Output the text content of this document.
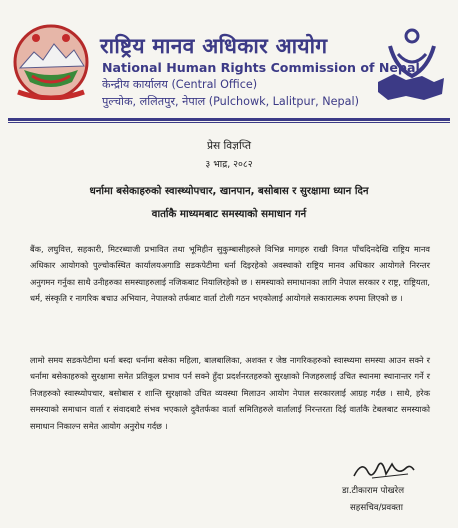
राष्ट्रिय मानव अधिकार आयोग
National Human Rights Commission of Nepal
केन्द्रीय कार्यालय (Central Office)
पुल्चोक, ललितपुर, नेपाल (Pulchowk, Lalitpur, Nepal)
प्रेस विज्ञप्ति
३ भाद्र, २०८२
धर्नामा बसेकाहरुको स्वास्थ्योपचार, खानपान, बसोबास र सुरक्षामा ध्यान दिन
वार्ताकै माध्यमबाट समस्याको समाधान गर्न
बैंक, लघुवित्त, सहकारी, मिटरब्याजी प्रभावित तथा भूमिहीन सुकुम्बासीहरुले विभिन्न मागहरु राखी विगत पाँचदिनदेखि राष्ट्रिय मानव अधिकार आयोगको पुल्चोकस्थित कार्यालयअगाडि सडकपेटीमा धर्ना दिइरहेको अवस्थाको राष्ट्रिय मानव अधिकार आयोगले निरन्तर अनुगमन गर्नुका साथै उनीहरुका समस्याहरुलाई नजिकबाट नियालिरहेको छ । समस्याको समाधानका लागि नेपाल सरकार र राष्ट्र, राष्ट्रियता, धर्म, संस्कृति र नागरिक बचाउ अभियान, नेपालको तर्फबाट वार्ता टोली गठन भएकोलाई आयोगले सकारात्मक रुपमा लिएको छ ।
लामो समय सडकपेटीमा धर्ना बस्दा धर्नामा बसेका महिला, बालबालिका, अशक्त र जेष्ठ नागरिकहरुको स्वास्थ्यमा समस्या आउन सक्ने र धर्नामा बसेकाहरुको सुरक्षामा समेत प्रतिकूल प्रभाव पर्न सक्ने हुँदा प्रदर्शनरतहरुको सुरक्षाको निजहरुलाई उचित स्थानमा स्थानान्तर गर्ने र निजहरुको स्वास्थ्योपचार, बसोबास र शान्ति सुरक्षाको उचित व्यवस्था मिलाउन आयोग नेपाल सरकारलाई आग्रह गर्दछ । साथै, हरेक समस्याको समाधान वार्ता र संवादबाटै संभव भएकाले दुवैतर्फका वार्ता समितिहरुले वार्तालाई निरन्तरता दिई वार्ताकै टेबलबाट समस्याको समाधान निकाल्न समेत आयोग अनुरोध गर्दछ ।
डा.टीकाराम पोखरेल
सहसचिव/प्रवक्ता
